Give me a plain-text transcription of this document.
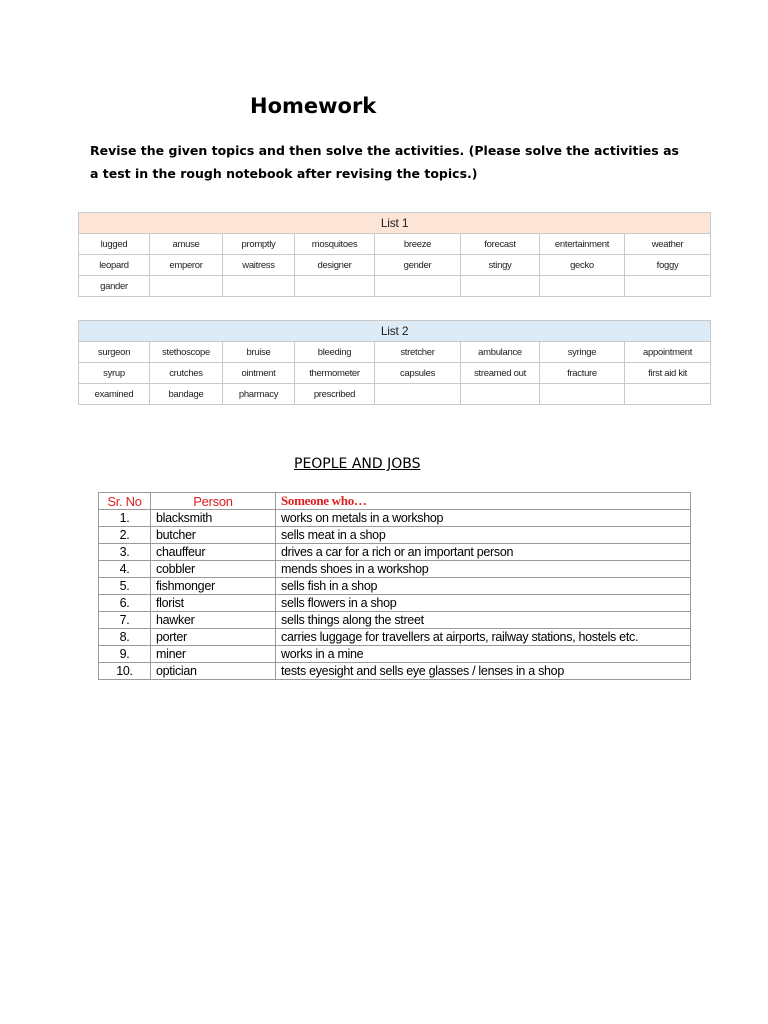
Homework
Revise the given topics and then solve the activities. (Please solve the activities as a test in the rough notebook after revising the topics.)
List 1							
lugged	amuse	promptly	mosquitoes	breeze	forecast	entertainment	weather
leopard	emperor	waitress	designer	gender	stingy	gecko	foggy
gander							
List 2							
surgeon	stethoscope	bruise	bleeding	stretcher	ambulance	syringe	appointment
syrup	crutches	ointment	thermometer	capsules	streamed out	fracture	first aid kit
examined	bandage	pharmacy	prescribed				
PEOPLE AND JOBS
Sr. No	Person	Someone who…
1.	blacksmith	works on metals in a workshop
2.	butcher	sells meat in a shop
3.	chauffeur	drives a car for a rich or an important person
4.	cobbler	mends shoes in a workshop
5.	fishmonger	sells fish in a shop
6.	florist	sells flowers in a shop
7.	hawker	sells things along the street
8.	porter	carries luggage for travellers at airports, railway stations, hostels etc.
9.	miner	works in a mine
10.	optician	tests eyesight and sells eye glasses / lenses in a shop
